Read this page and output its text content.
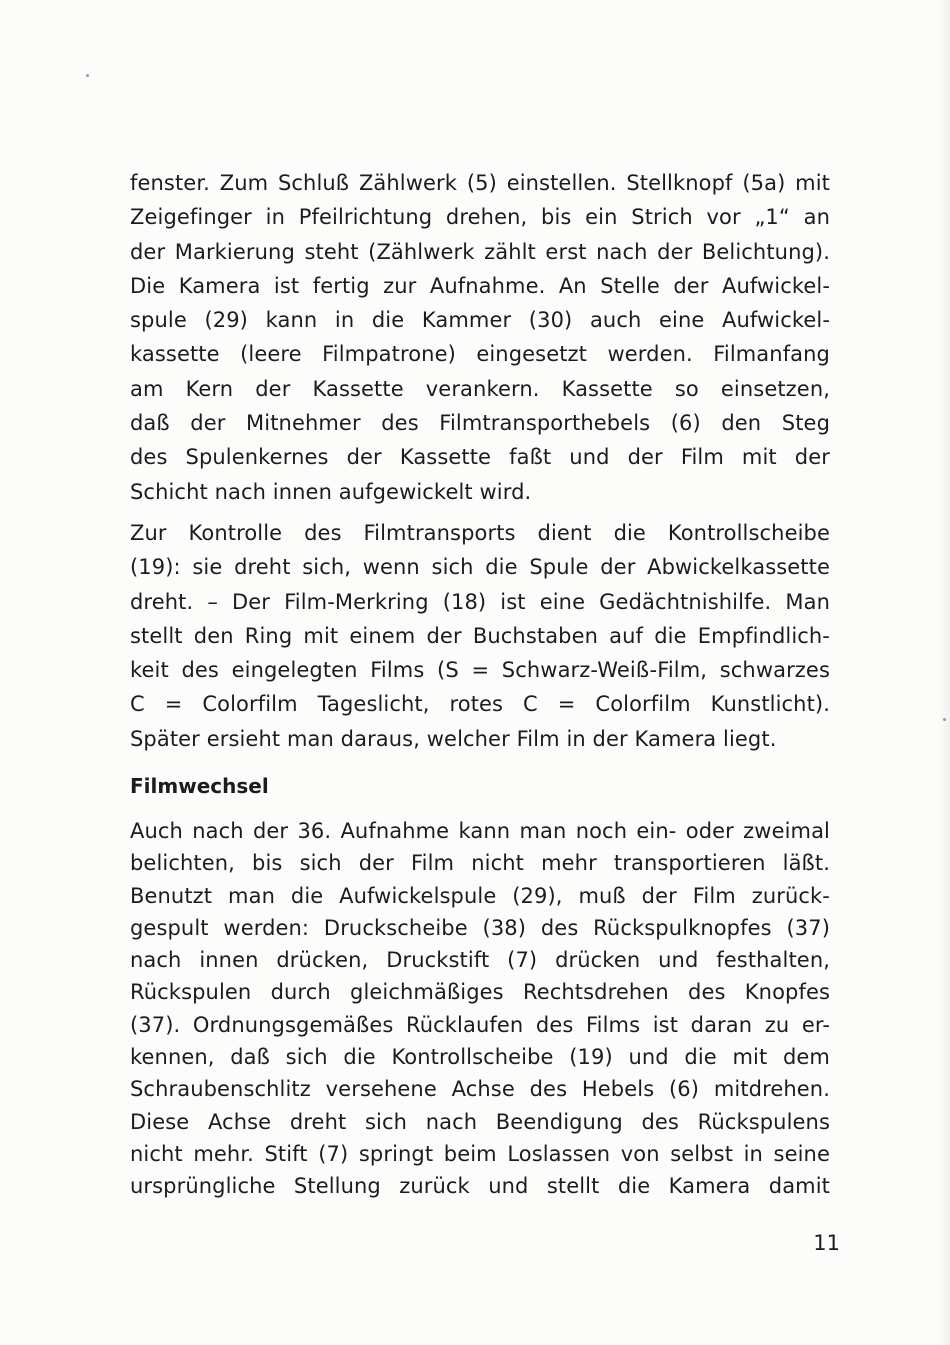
fenster. Zum Schluß Zählwerk (5) einstellen. Stellknopf (5a) mit
Zeigefinger in Pfeilrichtung drehen, bis ein Strich vor „1“ an
der Markierung steht (Zählwerk zählt erst nach der Belichtung).
Die Kamera ist fertig zur Aufnahme. An Stelle der Aufwickel-
spule (29) kann in die Kammer (30) auch eine Aufwickel-
kassette (leere Filmpatrone) eingesetzt werden. Filmanfang
am Kern der Kassette verankern. Kassette so einsetzen,
daß der Mitnehmer des Filmtransporthebels (6) den Steg
des Spulenkernes der Kassette faßt und der Film mit der
Schicht nach innen aufgewickelt wird.
Zur Kontrolle des Filmtransports dient die Kontrollscheibe
(19): sie dreht sich, wenn sich die Spule der Abwickelkassette
dreht. – Der Film-Merkring (18) ist eine Gedächtnishilfe. Man
stellt den Ring mit einem der Buchstaben auf die Empfindlich-
keit des eingelegten Films (S = Schwarz-Weiß-Film, schwarzes
C = Colorfilm Tageslicht, rotes C = Colorfilm Kunstlicht).
Später ersieht man daraus, welcher Film in der Kamera liegt.
Filmwechsel
Auch nach der 36. Aufnahme kann man noch ein- oder zweimal
belichten, bis sich der Film nicht mehr transportieren läßt.
Benutzt man die Aufwickelspule (29), muß der Film zurück-
gespult werden: Druckscheibe (38) des Rückspulknopfes (37)
nach innen drücken, Druckstift (7) drücken und festhalten,
Rückspulen durch gleichmäßiges Rechtsdrehen des Knopfes
(37). Ordnungsgemäßes Rücklaufen des Films ist daran zu er-
kennen, daß sich die Kontrollscheibe (19) und die mit dem
Schraubenschlitz versehene Achse des Hebels (6) mitdrehen.
Diese Achse dreht sich nach Beendigung des Rückspulens
nicht mehr. Stift (7) springt beim Loslassen von selbst in seine
ursprüngliche Stellung zurück und stellt die Kamera damit
11
